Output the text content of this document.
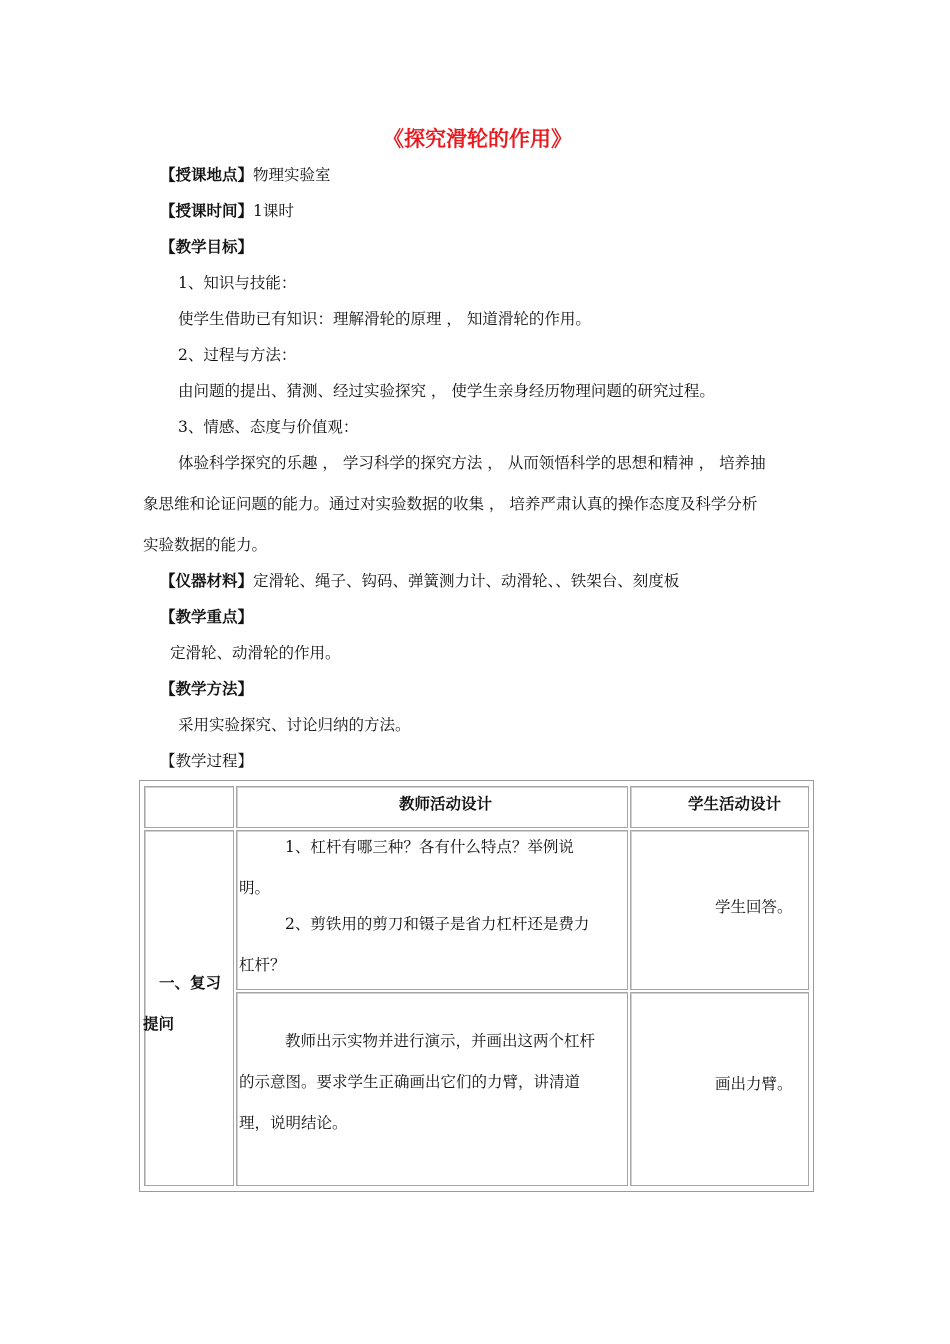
《探究滑轮的作用》
【授课地点】物理实验室
【授课时间】1课时
【教学目标】
1、知识与技能：
使学生借助已有知识：理解滑轮的原理 ， 知道滑轮的作用。
2、过程与方法：
由问题的提出、猜测、经过实验探究 ， 使学生亲身经历物理问题的研究过程。
3、情感、态度与价值观：
体验科学探究的乐趣 ， 学习科学的探究方法 ， 从而领悟科学的思想和精神 ， 培养抽
象思维和论证问题的能力。通过对实验数据的收集 ， 培养严肃认真的操作态度及科学分析
实验数据的能力。
【仪器材料】定滑轮、绳子、钩码、弹簧测力计、动滑轮、、铁架台、刻度板
【教学重点】
定滑轮、动滑轮的作用。
【教学方法】
采用实验探究、讨论归纳的方法。
【教学过程】
教师活动设计	学生活动设计
一、复习
提问
1、杠杆有哪三种？各有什么特点？举例说
明。
2、剪铁用的剪刀和镊子是省力杠杆还是费力
杠杆？
学生回答。
教师出示实物并进行演示，并画出这两个杠杆
的示意图。要求学生正确画出它们的力臂，讲清道
理，说明结论。
画出力臂。
